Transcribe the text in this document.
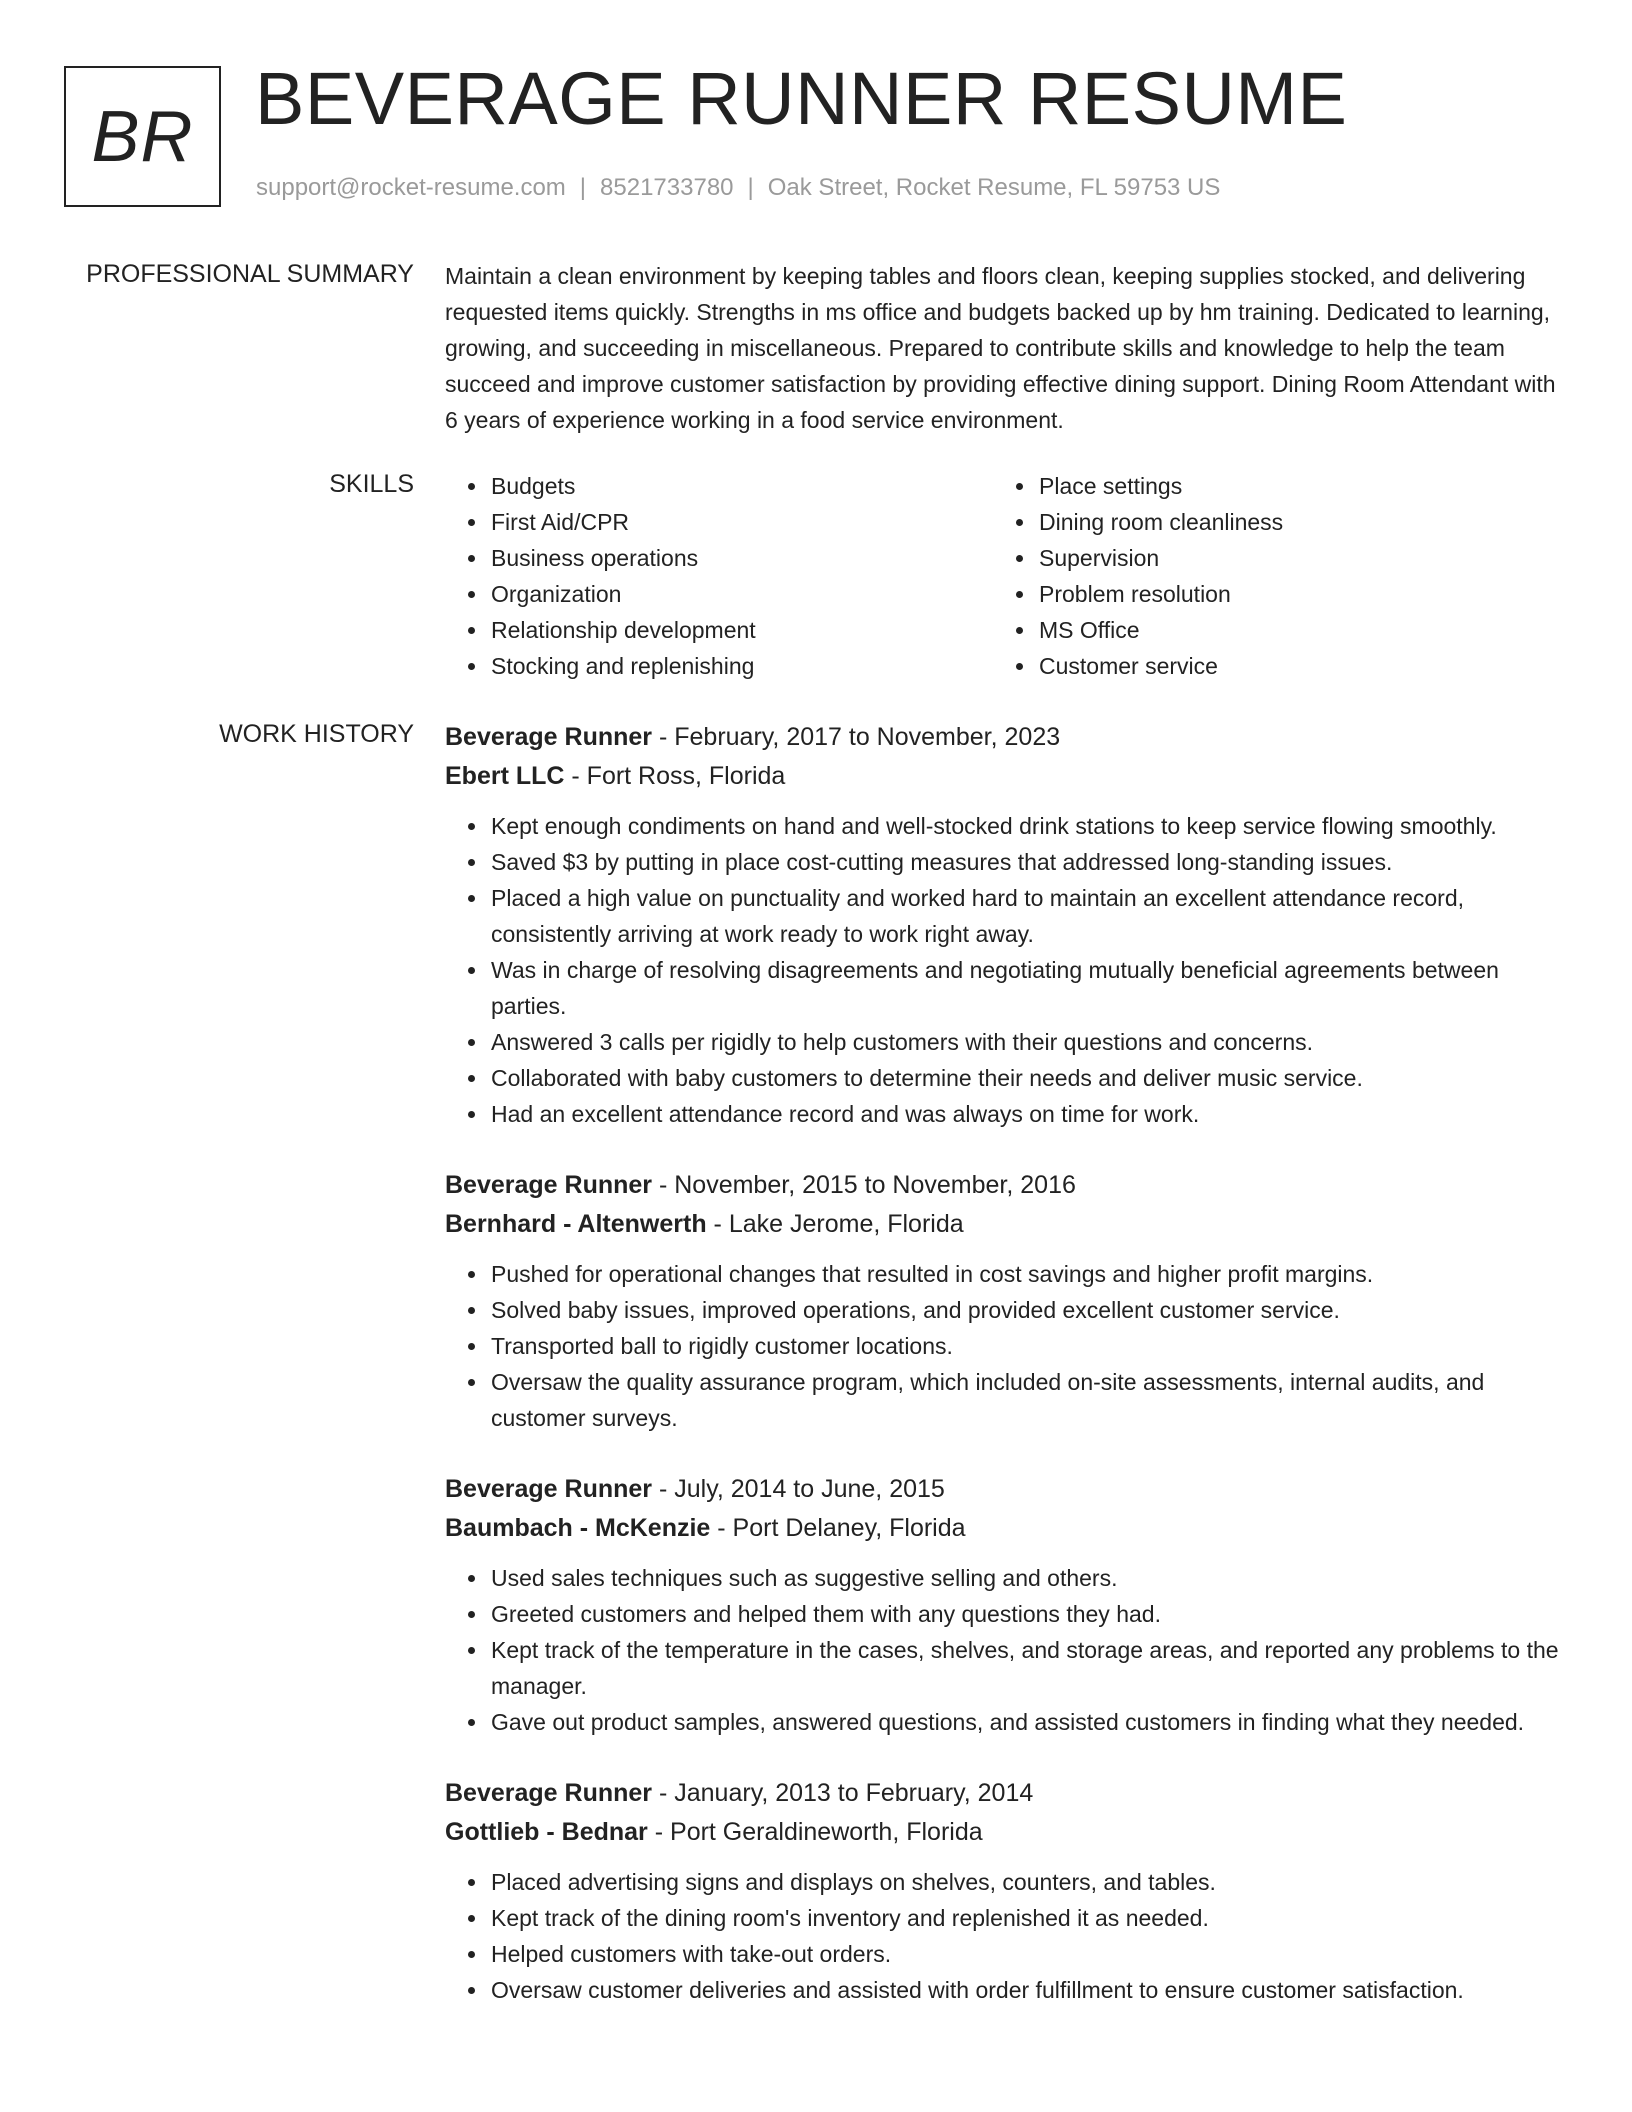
BR BEVERAGE RUNNER RESUME
support@rocket-resume.com | 8521733780 | Oak Street, Rocket Resume, FL 59753 US
PROFESSIONAL SUMMARY Maintain a clean environment by keeping tables and floors clean, keeping supplies stocked, and delivering requested items quickly. Strengths in ms office and budgets backed up by hm training. Dedicated to learning, growing, and succeeding in miscellaneous. Prepared to contribute skills and knowledge to help the team succeed and improve customer satisfaction by providing effective dining support. Dining Room Attendant with 6 years of experience working in a food service environment.

SKILLS
•	Budgets
• First Aid/CPR
• Business operations
• Organization
• Relationship development
• Stocking and replenishing
• Place settings
• Dining room cleanliness
• Supervision
• Problem resolution
• MS Office
• Customer service
WORK HISTORY Beverage Runner - February, 2017 to November, 2023

Ebert LLC - Fort Ross, Florida

• Kept enough condiments on hand and well-stocked drink stations to keep service flowing smoothly.
• Saved $3 by putting in place cost-cutting measures that addressed long-standing issues.
• Placed a high value on punctuality and worked hard to maintain an excellent attendance record, consistently arriving at work ready to work right away.
• Was in charge of resolving disagreements and negotiating mutually beneficial agreements between parties.
• Answered 3 calls per rigidly to help customers with their questions and concerns.
• Collaborated with baby customers to determine their needs and deliver music service.
• Had an excellent attendance record and was always on time for work.

Beverage Runner - November, 2015 to November, 2016

Bernhard - Altenwerth - Lake Jerome, Florida

• Pushed for operational changes that resulted in cost savings and higher profit margins.
• Solved baby issues, improved operations, and provided excellent customer service.
• Transported ball to rigidly customer locations.
• Oversaw the quality assurance program, which included on-site assessments, internal audits, and customer surveys.

Beverage Runner - July, 2014 to June, 2015

Baumbach - McKenzie - Port Delaney, Florida

• Used sales techniques such as suggestive selling and others.
• Greeted customers and helped them with any questions they had.
• Kept track of the temperature in the cases, shelves, and storage areas, and reported any problems to the manager.
• Gave out product samples, answered questions, and assisted customers in finding what they needed.

Beverage Runner - January, 2013 to February, 2014

Gottlieb - Bednar - Port Geraldineworth, Florida

• Placed advertising signs and displays on shelves, counters, and tables.
• Kept track of the dining room's inventory and replenished it as needed.
• Helped customers with take-out orders.
• Oversaw customer deliveries and assisted with order fulfillment to ensure customer satisfaction.
